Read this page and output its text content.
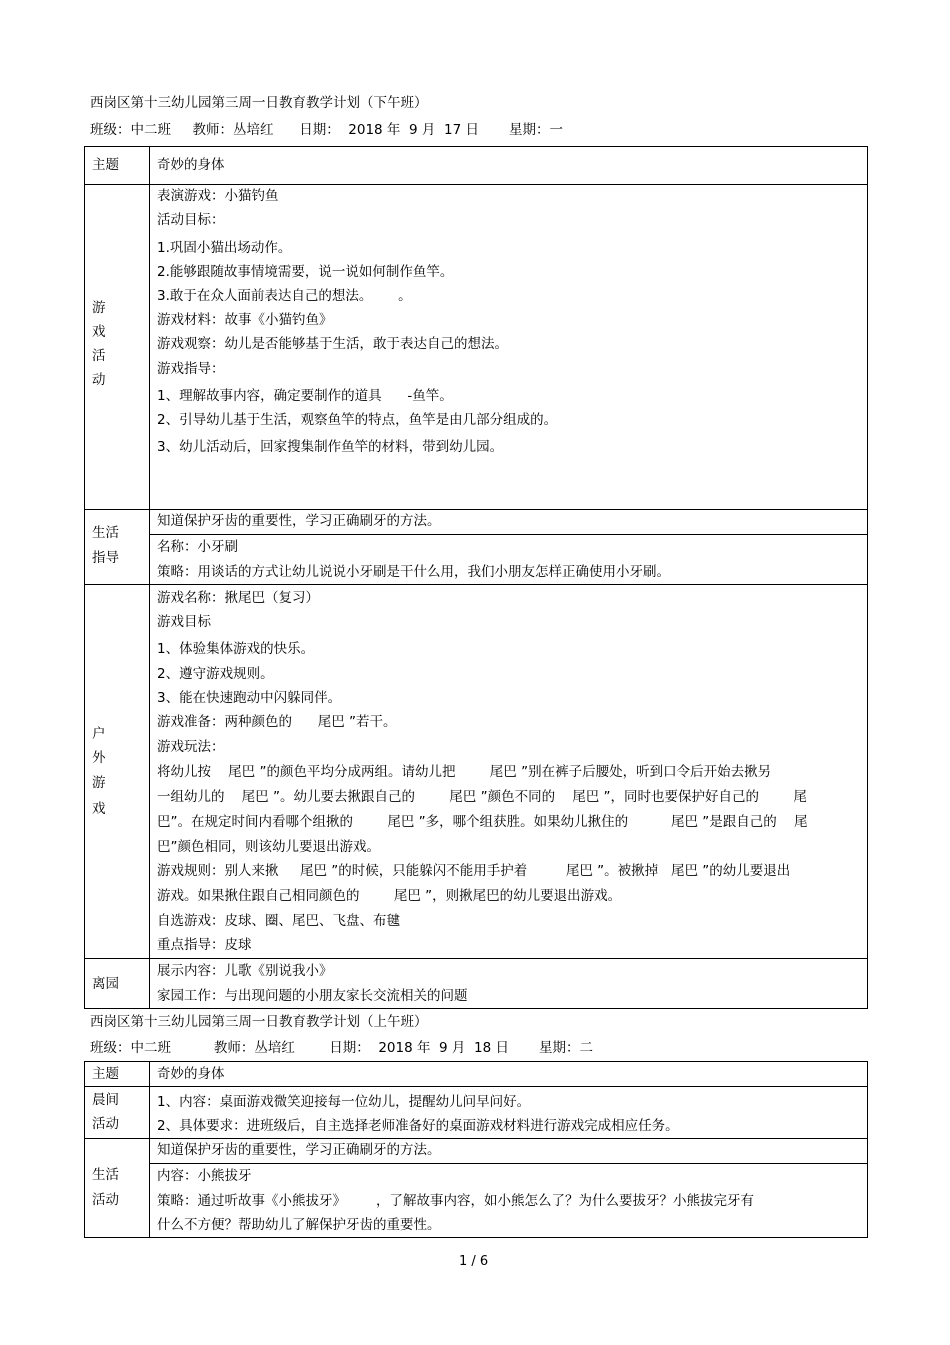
西岗区第十三幼儿园第三周一日教育教学计划（下午班）
班级：中二班     教师：丛培红      日期：  2018 年  9 月  17 日       星期：一
主题	奇妙的身体
游
戏
活
动
表演游戏：小猫钓鱼
活动目标：
1.巩固小猫出场动作。
2.能够跟随故事情境需要，说一说如何制作鱼竿。
3.敢于在众人面前表达自己的想法。      。
游戏材料：故事《小猫钓鱼》
游戏观察：幼儿是否能够基于生活，敢于表达自己的想法。
游戏指导：
1、理解故事内容，确定要制作的道具      -鱼竿。
2、引导幼儿基于生活，观察鱼竿的特点，鱼竿是由几部分组成的。
3、幼儿活动后，回家搜集制作鱼竿的材料，带到幼儿园。
生活
指导
知道保护牙齿的重要性，学习正确刷牙的方法。
名称：小牙刷
策略：用谈话的方式让幼儿说说小牙刷是干什么用，我们小朋友怎样正确使用小牙刷。
户
外
游
戏
游戏名称：揪尾巴（复习）
游戏目标
1、体验集体游戏的快乐。
2、遵守游戏规则。
3、能在快速跑动中闪躲同伴。
游戏准备：两种颜色的      尾巴 ”若干。
游戏玩法：
将幼儿按    尾巴 ”的颜色平均分成两组。请幼儿把        尾巴 ”别在裤子后腰处，听到口令后开始去揪另
一组幼儿的    尾巴 ”。幼儿要去揪跟自己的        尾巴 ”颜色不同的    尾巴 ”，同时也要保护好自己的        尾
巴”。在规定时间内看哪个组揪的        尾巴 ”多，哪个组获胜。如果幼儿揪住的          尾巴 ”是跟自己的    尾
巴”颜色相同，则该幼儿要退出游戏。
游戏规则：别人来揪     尾巴 ”的时候，只能躲闪不能用手护着         尾巴 ”。被揪掉   尾巴 ”的幼儿要退出
游戏。如果揪住跟自己相同颜色的        尾巴 ”，则揪尾巴的幼儿要退出游戏。
自选游戏：皮球、圈、尾巴、飞盘、布毽
重点指导：皮球
离园
展示内容：儿歌《别说我小》
家园工作：与出现问题的小朋友家长交流相关的问题
西岗区第十三幼儿园第三周一日教育教学计划（上午班）
班级：中二班          教师：丛培红        日期：  2018 年  9 月  18 日       星期：二
主题	奇妙的身体
晨间
活动
1、内容：桌面游戏微笑迎接每一位幼儿，提醒幼儿问早问好。
2、具体要求：进班级后，自主选择老师准备好的桌面游戏材料进行游戏完成相应任务。
生活
活动
知道保护牙齿的重要性，学习正确刷牙的方法。
内容：小熊拔牙
策略：通过听故事《小熊拔牙》       ，了解故事内容，如小熊怎么了？为什么要拔牙？小熊拔完牙有
什么不方便？帮助幼儿了解保护牙齿的重要性。
1 / 6
